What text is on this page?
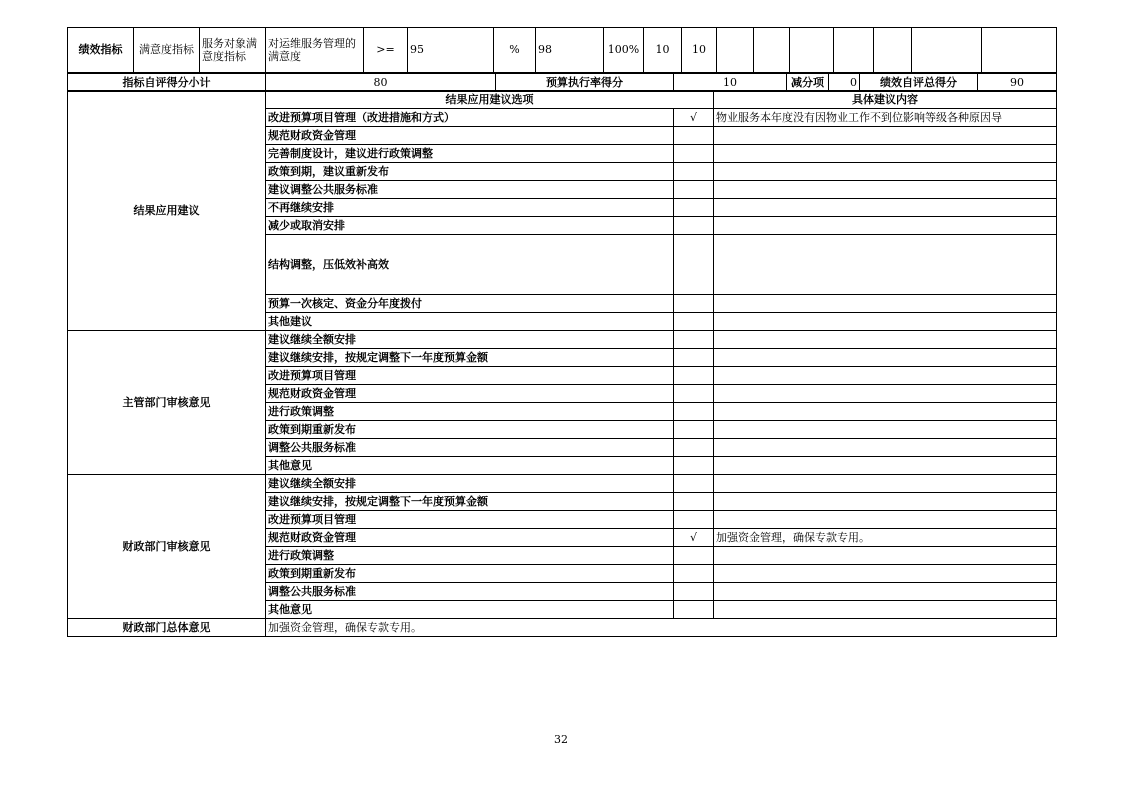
绩效指标	满意度指标	服务对象满意度指标	对运维服务管理的满意度	>=	95	%	98	100%	10	10							
指标自评得分小计	80	预算执行率得分	10	减分项	0	绩效自评总得分	90
结果应用建议	结果应用建议选项		具体建议内容
	改进预算项目管理（改进措施和方式）	√	物业服务本年度没有因物业工作不到位影响等级各种原因导
	规范财政资金管理		
	完善制度设计，建议进行政策调整		
	政策到期，建议重新发布		
	建议调整公共服务标准		
	不再继续安排		
	减少或取消安排		
	结构调整，压低效补高效		
	预算一次核定、资金分年度拨付		
	其他建议		
主管部门审核意见	建议继续全额安排		
	建议继续安排，按规定调整下一年度预算金额		
	改进预算项目管理		
	规范财政资金管理		
	进行政策调整		
	政策到期重新发布		
	调整公共服务标准		
	其他意见		
财政部门审核意见	建议继续全额安排		
	建议继续安排，按规定调整下一年度预算金额		
	改进预算项目管理		
	规范财政资金管理	√	加强资金管理，确保专款专用。
	进行政策调整		
	政策到期重新发布		
	调整公共服务标准		
	其他意见		
财政部门总体意见	加强资金管理，确保专款专用。		
32
